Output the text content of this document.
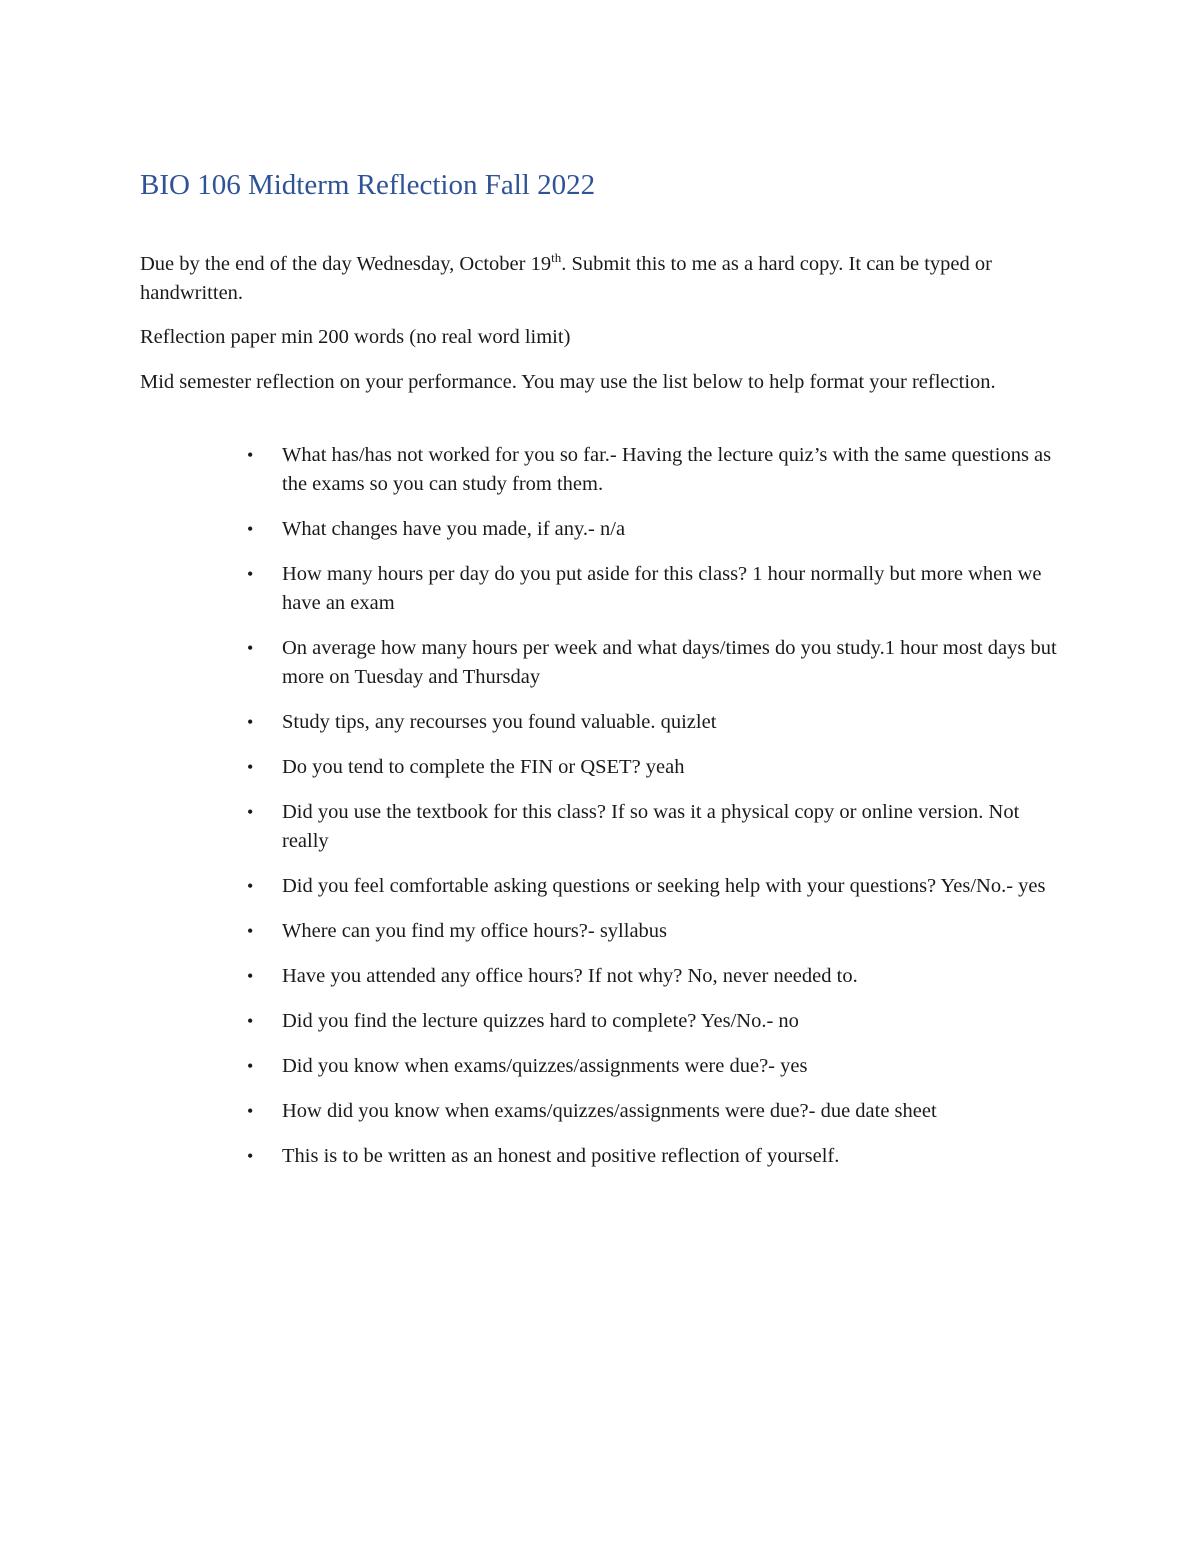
BIO 106 Midterm Reflection Fall 2022

Due by the end of the day Wednesday, October 19th. Submit this to me as a hard copy. It can be typed or handwritten.

Reflection paper min 200 words (no real word limit)

Mid semester reflection on your performance. You may use the list below to help format your reflection.

• What has/has not worked for you so far.- Having the lecture quiz’s with the same questions as the exams so you can study from them.
• What changes have you made, if any.- n/a
• How many hours per day do you put aside for this class? 1 hour normally but more when we have an exam
• On average how many hours per week and what days/times do you study.1 hour most days but more on Tuesday and Thursday
• Study tips, any recourses you found valuable. quizlet
• Do you tend to complete the FIN or QSET? yeah
• Did you use the textbook for this class? If so was it a physical copy or online version. Not really
• Did you feel comfortable asking questions or seeking help with your questions? Yes/No.- yes
• Where can you find my office hours?- syllabus
• Have you attended any office hours? If not why? No, never needed to.
• Did you find the lecture quizzes hard to complete? Yes/No.- no
• Did you know when exams/quizzes/assignments were due?- yes
• How did you know when exams/quizzes/assignments were due?- due date sheet
• This is to be written as an honest and positive reflection of yourself.
